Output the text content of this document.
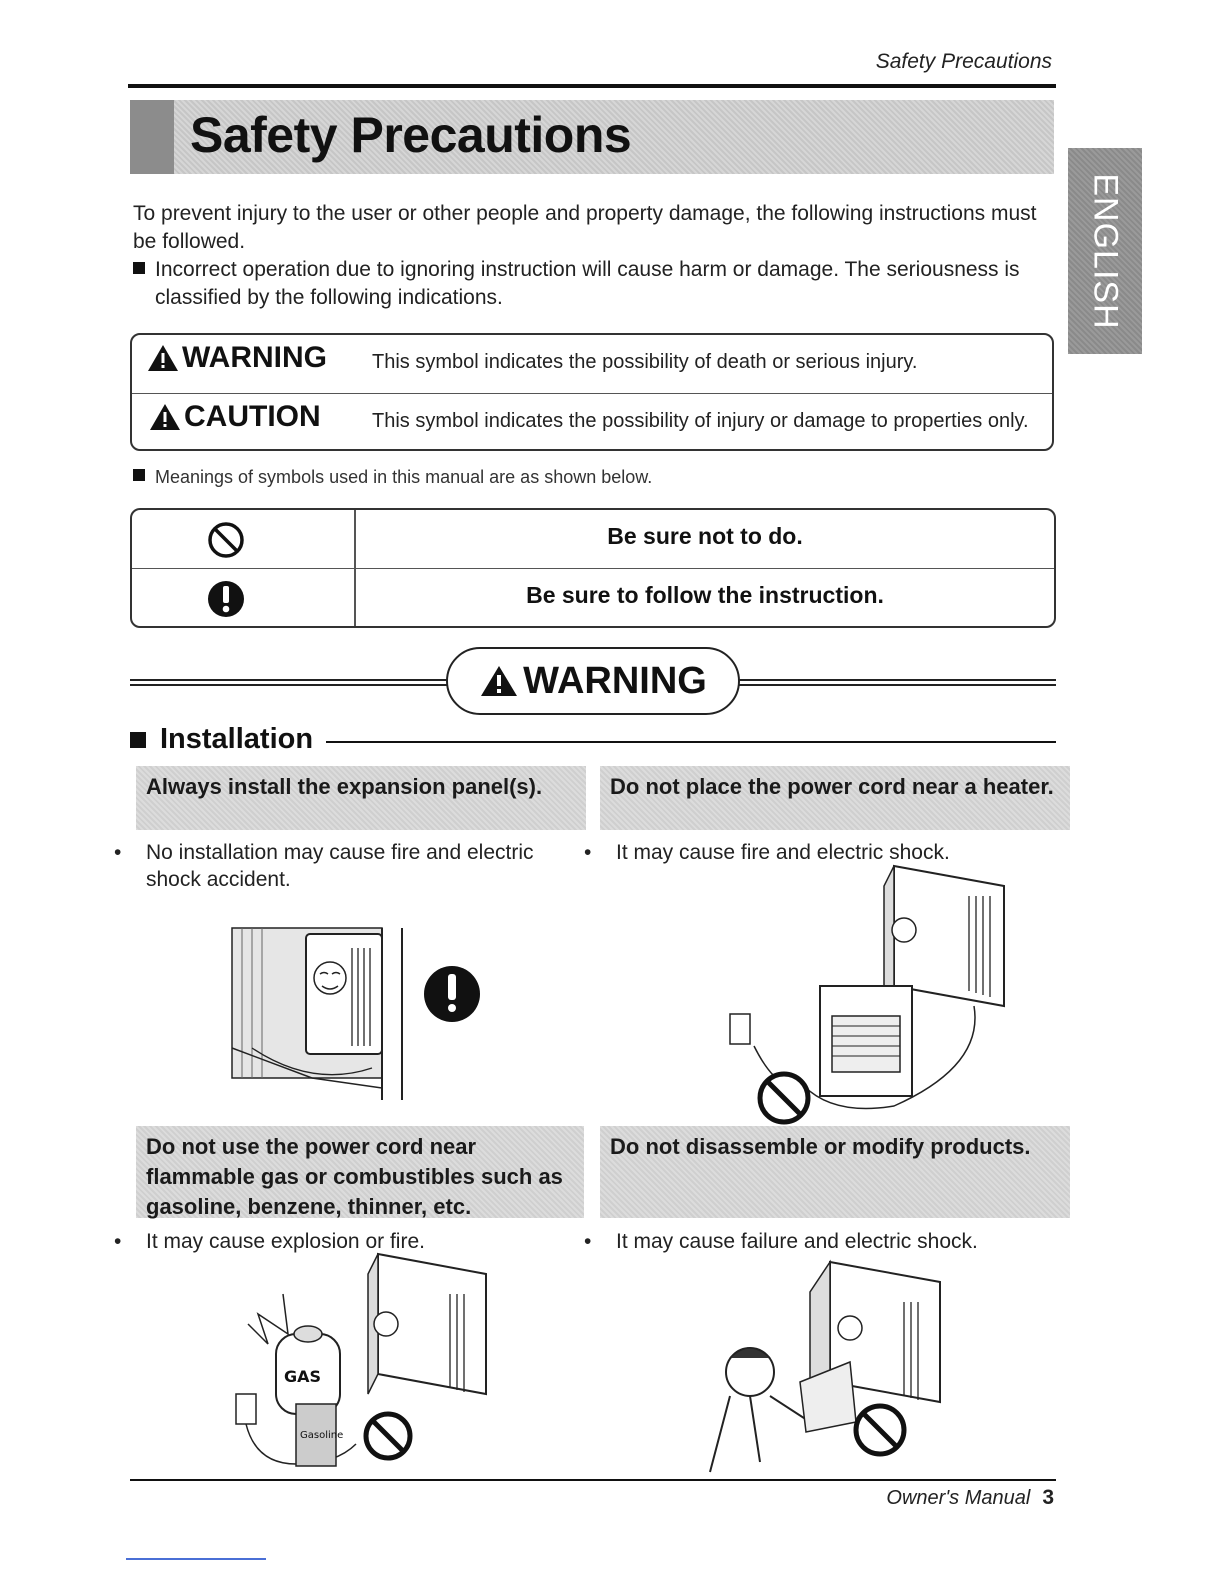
Safety Precautions
Safety Precautions
ENGLISH
To prevent injury to the user or other people and property damage, the following instructions must be followed.
Incorrect operation due to ignoring instruction will cause harm or damage. The seriousness is classified by the following indications.
WARNING This symbol indicates the possibility of death or serious injury.
CAUTION	This symbol indicates the possibility of injury or damage to properties only.
Meanings of symbols used in this manual are as shown below.
Be sure not to do.
Be sure to follow the instruction.
WARNING
Installation
Always install the expansion panel(s).
• No installation may cause fire and electric shock accident.
Do not place the power cord near a heater.
• It may cause fire and electric shock.
Do not use the power cord near flammable gas or combustibles such as gasoline, benzene, thinner, etc.
• It may cause explosion or fire.
GAS
Gasoline
Do not disassemble or modify products.
• It may cause failure and electric shock.
Owner's Manual 3
